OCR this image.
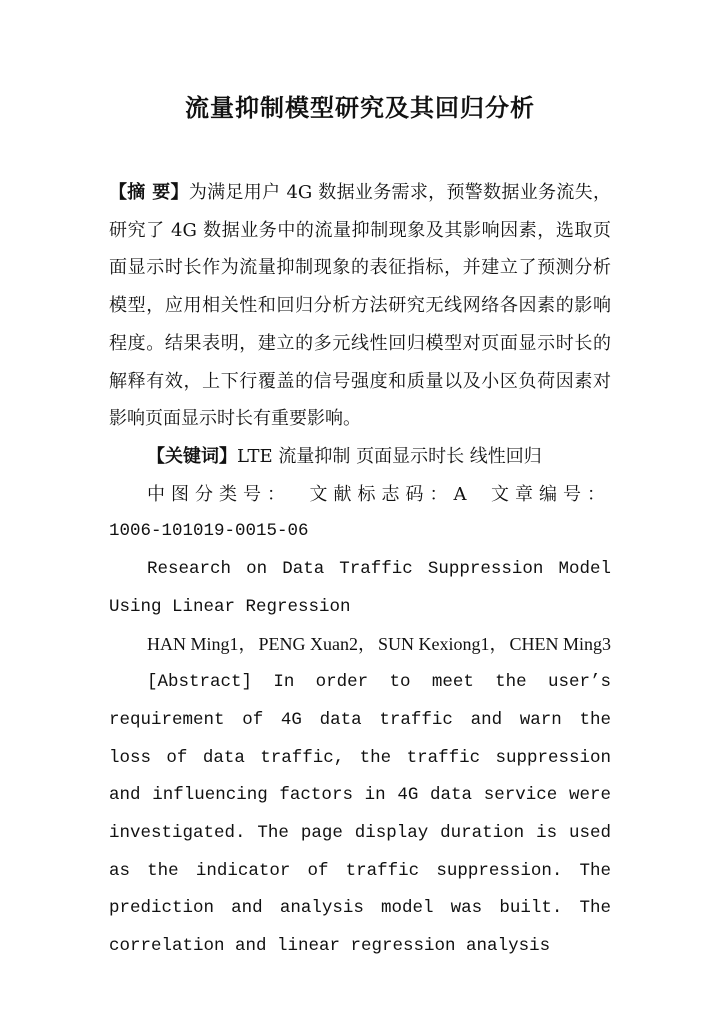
流量抑制模型研究及其回归分析

【摘 要】为满足用户 4G 数据业务需求，预警数据业务流失，研究了 4G 数据业务中的流量抑制现象及其影响因素，选取页面显示时长作为流量抑制现象的表征指标，并建立了预测分析模型，应用相关性和回归分析方法研究无线网络各因素的影响程度。结果表明，建立的多元线性回归模型对页面显示时长的解释有效，上下行覆盖的信号强度和质量以及小区负荷因素对影响页面显示时长有重要影响。

【关键词】LTE 流量抑制 页面显示时长 线性回归

中图分类号： 文献标志码：A 文章编号：

1006-101019-0015-06

Research on Data Traffic Suppression Model Using Linear Regression

HAN Ming1， PENG Xuan2， SUN Kexiong1， CHEN Ming3

[Abstract] In order to meet the user’s requirement of 4G data traffic and warn the loss of data traffic, the traffic suppression and influencing factors in 4G data service were investigated. The page display duration is used as the indicator of traffic suppression. The prediction and analysis model was built. The correlation and linear regression analysis
